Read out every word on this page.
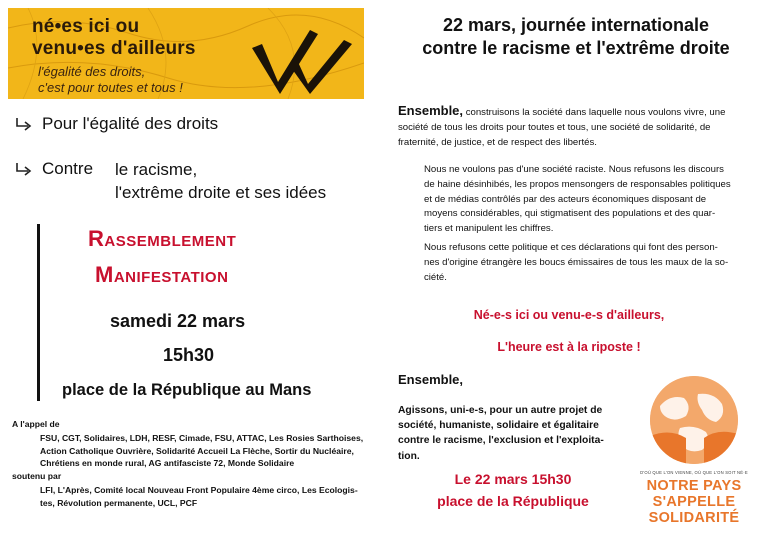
né•es ici ou
venu•es d'ailleurs
l'égalité des droits,
c'est pour toutes et tous !
Pour l'égalité des droits
Contre le racisme,
l'extrême droite et ses idées
Rassemblement
Manifestation
samedi 22 mars
15h30
place de la République au Mans
A l'appel de
FSU, CGT, Solidaires, LDH, RESF, Cimade, FSU, ATTAC, Les Rosies Sarthoises,
Action Catholique Ouvrière, Solidarité Accueil La Flèche, Sortir du Nucléaire,
Chrétiens en monde rural, AG antifasciste 72, Monde Solidaire
soutenu par
LFI, L'Après, Comité local Nouveau Front Populaire 4ème circo, Les Ecologis-
tes, Révolution permanente, UCL, PCF
22 mars, journée internationale
contre le racisme et l'extrême droite
Ensemble, construisons la société dans laquelle nous voulons vivre, une
société de tous les droits pour toutes et tous, une société de solidarité, de
fraternité, de justice, et de respect des libertés.
Nous ne voulons pas d'une société raciste. Nous refusons les discours
de haine désinhibés, les propos mensongers de responsables politiques
et de médias contrôlés par des acteurs économiques disposant de
moyens considérables, qui stigmatisent des populations et des quar-
tiers et manipulent les chiffres.
Nous refusons cette politique et ces déclarations qui font des person-
nes d'origine étrangère les boucs émissaires de tous les maux de la so-
ciété.
Né-e-s ici ou venu-e-s d'ailleurs,
L'heure est à la riposte !
Ensemble,
Agissons, uni-e-s, pour un autre projet de
société, humaniste, solidaire et égalitaire
contre le racisme, l'exclusion et l'exploita-
tion.
Le 22 mars 15h30
place de la République
D'OÙ QUE L'ON VIENNE, OÙ QUE L'ON SOIT NÉ·E
NOTRE PAYS
S'APPELLE
SOLIDARITÉ
